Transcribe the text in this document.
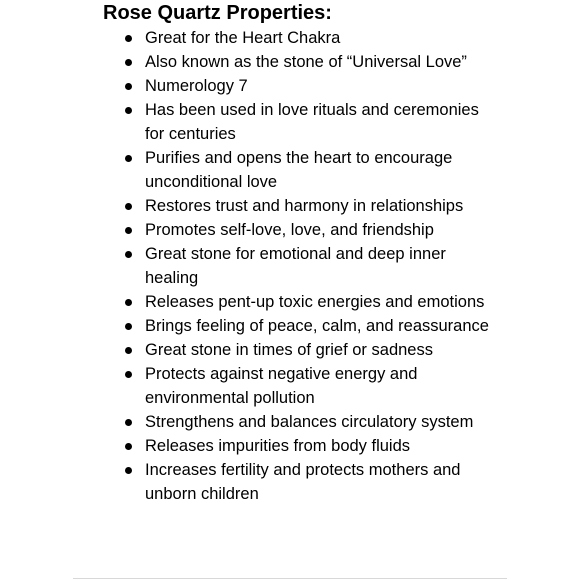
Rose Quartz Properties:
Great for the Heart Chakra
Also known as the stone of “Universal Love”
Numerology 7
Has been used in love rituals and ceremonies for centuries
Purifies and opens the heart to encourage unconditional love
Restores trust and harmony in relationships
Promotes self-love, love, and friendship
Great stone for emotional and deep inner healing
Releases pent-up toxic energies and emotions
Brings feeling of peace, calm, and reassurance
Great stone in times of grief or sadness
Protects against negative energy and environmental pollution
Strengthens and balances circulatory system
Releases impurities from body fluids
Increases fertility and protects mothers and unborn children
